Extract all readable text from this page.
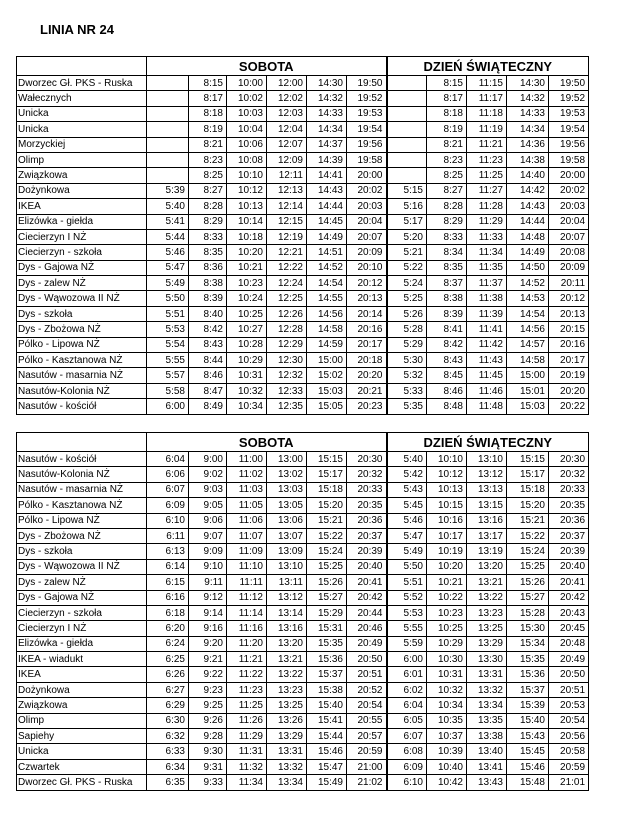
LINIA NR 24
	SOBOTA						DZIEŃ ŚWIĄTECZNY				
Dworzec Gł. PKS - Ruska		8:15	10:00	12:00	14:30	19:50		8:15	11:15	14:30	19:50
Wałecznych		8:17	10:02	12:02	14:32	19:52		8:17	11:17	14:32	19:52
Unicka		8:18	10:03	12:03	14:33	19:53		8:18	11:18	14:33	19:53
Unicka		8:19	10:04	12:04	14:34	19:54		8:19	11:19	14:34	19:54
Morzyckiej		8:21	10:06	12:07	14:37	19:56		8:21	11:21	14:36	19:56
Olimp		8:23	10:08	12:09	14:39	19:58		8:23	11:23	14:38	19:58
Związkowa		8:25	10:10	12:11	14:41	20:00		8:25	11:25	14:40	20:00
Dożynkowa	5:39	8:27	10:12	12:13	14:43	20:02	5:15	8:27	11:27	14:42	20:02
IKEA	5:40	8:28	10:13	12:14	14:44	20:03	5:16	8:28	11:28	14:43	20:03
Elizówka - giełda	5:41	8:29	10:14	12:15	14:45	20:04	5:17	8:29	11:29	14:44	20:04
Ciecierzyn I NŻ	5:44	8:33	10:18	12:19	14:49	20:07	5:20	8:33	11:33	14:48	20:07
Ciecierzyn - szkoła	5:46	8:35	10:20	12:21	14:51	20:09	5:21	8:34	11:34	14:49	20:08
Dys - Gajowa NŻ	5:47	8:36	10:21	12:22	14:52	20:10	5:22	8:35	11:35	14:50	20:09
Dys - zalew NŻ	5:49	8:38	10:23	12:24	14:54	20:12	5:24	8:37	11:37	14:52	20:11
Dys - Wąwozowa II NŻ	5:50	8:39	10:24	12:25	14:55	20:13	5:25	8:38	11:38	14:53	20:12
Dys - szkoła	5:51	8:40	10:25	12:26	14:56	20:14	5:26	8:39	11:39	14:54	20:13
Dys - Zbożowa NŻ	5:53	8:42	10:27	12:28	14:58	20:16	5:28	8:41	11:41	14:56	20:15
Pólko - Lipowa NŻ	5:54	8:43	10:28	12:29	14:59	20:17	5:29	8:42	11:42	14:57	20:16
Pólko - Kasztanowa NŻ	5:55	8:44	10:29	12:30	15:00	20:18	5:30	8:43	11:43	14:58	20:17
Nasutów - masarnia NŻ	5:57	8:46	10:31	12:32	15:02	20:20	5:32	8:45	11:45	15:00	20:19
Nasutów-Kolonia NŻ	5:58	8:47	10:32	12:33	15:03	20:21	5:33	8:46	11:46	15:01	20:20
Nasutów - kościół	6:00	8:49	10:34	12:35	15:05	20:23	5:35	8:48	11:48	15:03	20:22
	SOBOTA						DZIEŃ ŚWIĄTECZNY				
Nasutów - kościół	6:04	9:00	11:00	13:00	15:15	20:30	5:40	10:10	13:10	15:15	20:30
Nasutów-Kolonia NŻ	6:06	9:02	11:02	13:02	15:17	20:32	5:42	10:12	13:12	15:17	20:32
Nasutów - masarnia NŻ	6:07	9:03	11:03	13:03	15:18	20:33	5:43	10:13	13:13	15:18	20:33
Pólko - Kasztanowa NŻ	6:09	9:05	11:05	13:05	15:20	20:35	5:45	10:15	13:15	15:20	20:35
Pólko - Lipowa NŻ	6:10	9:06	11:06	13:06	15:21	20:36	5:46	10:16	13:16	15:21	20:36
Dys - Zbożowa NŻ	6:11	9:07	11:07	13:07	15:22	20:37	5:47	10:17	13:17	15:22	20:37
Dys - szkoła	6:13	9:09	11:09	13:09	15:24	20:39	5:49	10:19	13:19	15:24	20:39
Dys - Wąwozowa II NŻ	6:14	9:10	11:10	13:10	15:25	20:40	5:50	10:20	13:20	15:25	20:40
Dys - zalew NŻ	6:15	9:11	11:11	13:11	15:26	20:41	5:51	10:21	13:21	15:26	20:41
Dys - Gajowa NŻ	6:16	9:12	11:12	13:12	15:27	20:42	5:52	10:22	13:22	15:27	20:42
Ciecierzyn - szkoła	6:18	9:14	11:14	13:14	15:29	20:44	5:53	10:23	13:23	15:28	20:43
Ciecierzyn I NŻ	6:20	9:16	11:16	13:16	15:31	20:46	5:55	10:25	13:25	15:30	20:45
Elizówka - giełda	6:24	9:20	11:20	13:20	15:35	20:49	5:59	10:29	13:29	15:34	20:48
IKEA - wiadukt	6:25	9:21	11:21	13:21	15:36	20:50	6:00	10:30	13:30	15:35	20:49
IKEA	6:26	9:22	11:22	13:22	15:37	20:51	6:01	10:31	13:31	15:36	20:50
Dożynkowa	6:27	9:23	11:23	13:23	15:38	20:52	6:02	10:32	13:32	15:37	20:51
Związkowa	6:29	9:25	11:25	13:25	15:40	20:54	6:04	10:34	13:34	15:39	20:53
Olimp	6:30	9:26	11:26	13:26	15:41	20:55	6:05	10:35	13:35	15:40	20:54
Sapiehy	6:32	9:28	11:29	13:29	15:44	20:57	6:07	10:37	13:38	15:43	20:56
Unicka	6:33	9:30	11:31	13:31	15:46	20:59	6:08	10:39	13:40	15:45	20:58
Czwartek	6:34	9:31	11:32	13:32	15:47	21:00	6:09	10:40	13:41	15:46	20:59
Dworzec Gł. PKS - Ruska	6:35	9:33	11:34	13:34	15:49	21:02	6:10	10:42	13:43	15:48	21:01
